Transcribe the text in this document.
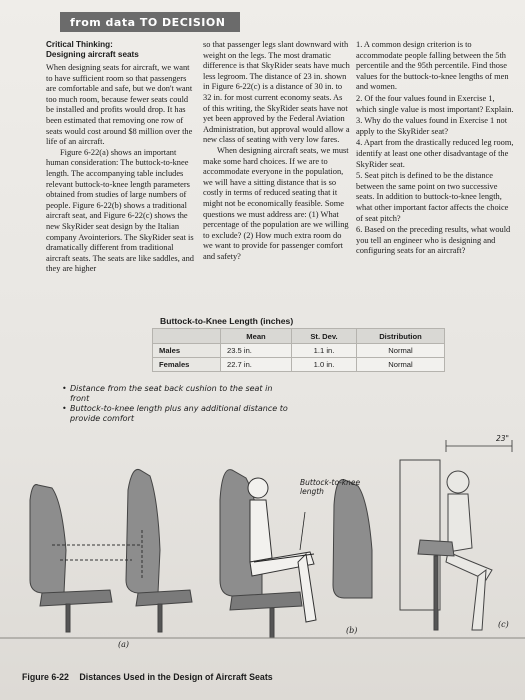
from data TO DECISION
Critical Thinking:
Designing aircraft seats

When designing seats for aircraft, we want to have sufficient room so that passengers are comfortable and safe, but we don't want too much room, because fewer seats could be installed and profits would drop. It has been estimated that removing one row of seats would cost around $8 million over the life of an aircraft.

Figure 6-22(a) shows an important human consideration: The buttock-to-knee length. The accompanying table includes relevant buttock-to-knee length parameters obtained from studies of large numbers of people. Figure 6-22(b) shows a traditional aircraft seat, and Figure 6-22(c) shows the new SkyRider seat design by the Italian company Avointeriors. The SkyRider seat is dramatically different from traditional aircraft seats. The seats are like saddles, and they are higher

so that passenger legs slant downward with weight on the legs. The most dramatic difference is that SkyRider seats have much less legroom. The distance of 23 in. shown in Figure 6-22(c) is a distance of 30 in. to 32 in. for most current economy seats. As of this writing, the SkyRider seats have not yet been approved by the Federal Aviation Administration, but approval would allow a new class of seating with very low fares.

When designing aircraft seats, we must make some hard choices. If we are to accommodate everyone in the population, we will have a sitting distance that is so costly in terms of reduced seating that it might not be economically feasible. Some questions we must address are: (1) What percentage of the population are we willing to exclude? (2) How much extra room do we want to provide for passenger comfort and safety?

1. A common design criterion is to accommodate people falling between the 5th percentile and the 95th percentile. Find those values for the buttock-to-knee lengths of men and women.

2. Of the four values found in Exercise 1, which single value is most important? Explain.

3. Why do the values found in Exercise 1 not apply to the SkyRider seat?

4. Apart from the drastically reduced leg room, identify at least one other disadvantage of the SkyRider seat.

5. Seat pitch is defined to be the distance between the same point on two successive seats. In addition to buttock-to-knee length, what other important factor affects the choice of seat pitch?

6. Based on the preceding results, what would you tell an engineer who is designing and configuring seats for an aircraft?

Buttock-to-Knee Length (inches)
	Mean	St. Dev.	Distribution
Males	23.5 in.	1.1 in.	Normal
Females	22.7 in.	1.0 in.	Normal
• Distance from the seat back cushion to the seat in front
• Buttock-to-knee length plus any additional distance to provide comfort
Buttock-to-knee length
23"
(a)
(b)
(c)
Figure 6-22 Distances Used in the Design of Aircraft Seats
